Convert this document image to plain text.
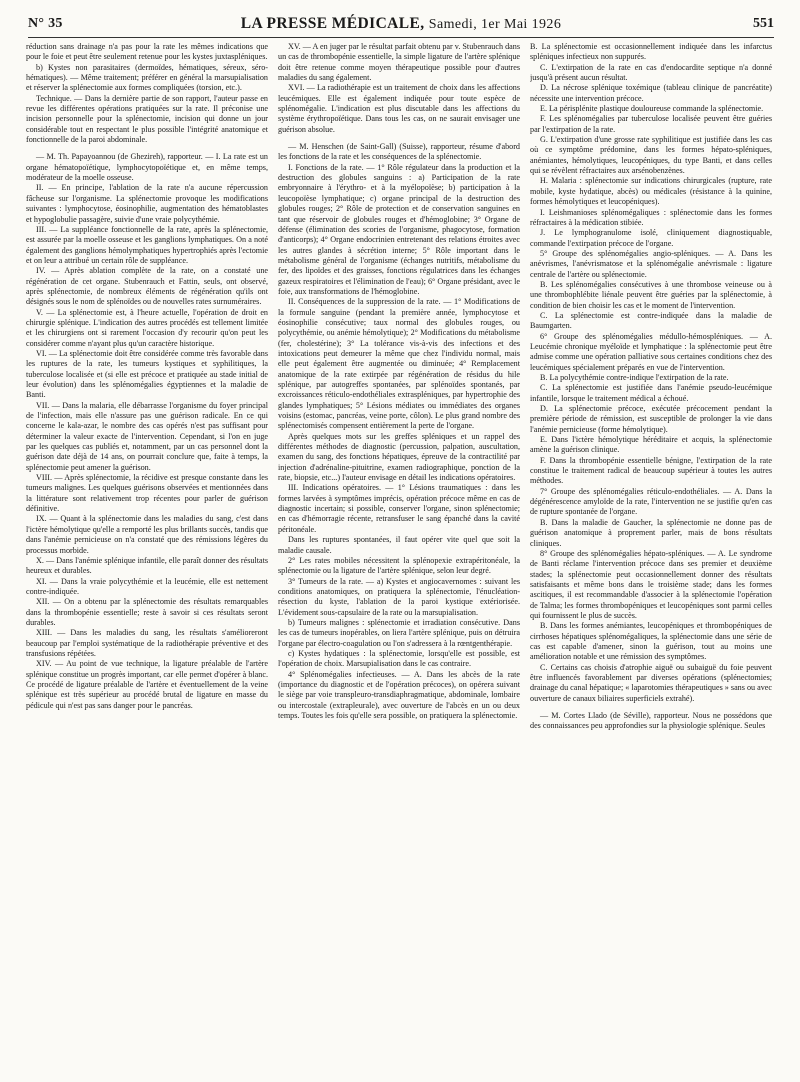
N° 35	LA PRESSE MÉDICALE, Samedi, 1er Mai 1926	551

réduction sans drainage n'a pas pour la rate les mêmes indications que pour le foie et peut être seulement retenue pour les kystes juxtaspléniques.

b) Kystes non parasitaires (dermoïdes, hématiques, séreux, séro-hématiques). — Même traitement; préférer en général la marsupialisation et réserver la splénectomie aux formes compliquées (torsion, etc.).

Technique. — Dans la dernière partie de son rapport, l'auteur passe en revue les différentes opérations pratiquées sur la rate. Il préconise une incision personnelle pour la splénectomie, incision qui donne un jour considérable tout en respectant le plus possible l'intégrité anatomique et fonctionnelle de la paroi abdominale.

— M. Th. Papayoannou (de Ghezireh), rapporteur. — I. La rate est un organe hématopoïétique, lymphocytopoïétique et, en même temps, modérateur de la moelle osseuse.

II. — En principe, l'ablation de la rate n'a aucune répercussion fâcheuse sur l'organisme. La splénectomie provoque les modifications suivantes : lymphocytose, éosinophilie, augmentation des hématoblastes et hypoglobulie passagère, suivie d'une vraie polycythémie.

III. — La suppléance fonctionnelle de la rate, après la splénectomie, est assurée par la moelle osseuse et les ganglions lymphatiques. On a noté également des ganglions hémolymphatiques hypertrophiés après l'ectomie et on leur a attribué un certain rôle de suppléance.

IV. — Après ablation complète de la rate, on a constaté une régénération de cet organe. Stubenrauch et Fattin, seuls, ont observé, après splénectomie, de nombreux éléments de régénération qu'ils ont désignés sous le nom de splénoïdes ou de nouvelles rates surnuméraires.

V. — La splénectomie est, à l'heure actuelle, l'opération de droit en chirurgie splénique. L'indication des autres procédés est tellement limitée et les chirurgiens ont si rarement l'occasion d'y recourir qu'on peut les considérer comme n'ayant plus qu'un caractère historique.

VI. — La splénectomie doit être considérée comme très favorable dans les ruptures de la rate, les tumeurs kystiques et syphilitiques, la tuberculose localisée et (si elle est précoce et pratiquée au stade initial de leur évolution) dans les splénomégalies égyptiennes et la maladie de Banti.

VII. — Dans la malaria, elle débarrasse l'organisme du foyer principal de l'infection, mais elle n'assure pas une guérison radicale. En ce qui concerne le kala-azar, le nombre des cas opérés n'est pas suffisant pour déterminer la valeur exacte de l'intervention. Cependant, si l'on en juge par les quelques cas publiés et, notamment, par un cas personnel dont la guérison date déjà de 14 ans, on pourrait conclure que, faite à temps, la splénectomie peut amener la guérison.

VIII. — Après splénectomie, la récidive est presque constante dans les tumeurs malignes. Les quelques guérisons observées et mentionnées dans la littérature sont relativement trop récentes pour parler de guérison définitive.

IX. — Quant à la splénectomie dans les maladies du sang, c'est dans l'ictère hémolytique qu'elle a remporté les plus brillants succès, tandis que dans l'anémie pernicieuse on n'a constaté que des rémissions légères du processus morbide.

X. — Dans l'anémie splénique infantile, elle paraît donner des résultats heureux et durables.

XI. — Dans la vraie polycythémie et la leucémie, elle est nettement contre-indiquée.

XII. — On a obtenu par la splénectomie des résultats remarquables dans la thrombopénie essentielle; reste à savoir si ces résultats seront durables.

XIII. — Dans les maladies du sang, les résultats s'amélioreront beaucoup par l'emploi systématique de la radiothérapie préventive et des transfusions répétées.

XIV. — Au point de vue technique, la ligature préalable de l'artère splénique constitue un progrès important, car elle permet d'opérer à blanc. Ce procédé de ligature préalable de l'artère et éventuellement de la veine splénique est très supérieur au procédé brutal de ligature en masse du pédicule qui n'est pas sans danger pour le pancréas.

XV. — A en juger par le résultat parfait obtenu par v. Stubenrauch dans un cas de thrombopénie essentielle, la simple ligature de l'artère splénique doit être retenue comme moyen thérapeutique possible pour d'autres maladies du sang également.

XVI. — La radiothérapie est un traitement de choix dans les affections leucémiques. Elle est également indiquée pour toute espèce de splénomégalie. L'indication est plus discutable dans les affections du système érythropoïétique. Dans tous les cas, on ne saurait envisager une guérison absolue.

— M. Henschen (de Saint-Gall) (Suisse), rapporteur, résume d'abord les fonctions de la rate et les conséquences de la splénectomie.

I. Fonctions de la rate. — 1° Rôle régulateur dans la production et la destruction des globules sanguins : a) Participation de la rate embryonnaire à l'érythro- et à la myélopoïèse; b) participation à la leucopoïèse lymphatique; c) organe principal de la destruction des globules rouges; 2° Rôle de protection et de conservation sanguines en tant que réservoir de globules rouges et d'hémoglobine; 3° Organe de défense (élimination des scories de l'organisme, phagocytose, formation d'anticorps); 4° Organe endocrinien entretenant des relations étroites avec les autres glandes à sécrétion interne; 5° Rôle important dans le métabolisme général de l'organisme (échanges nutritifs, métabolisme du fer, des lipoïdes et des graisses, fonctions régulatrices dans les échanges gazeux respiratoires et l'élimination de l'eau); 6° Organe présidant, avec le foie, aux transformations de l'hémoglobine.

II. Conséquences de la suppression de la rate. — 1° Modifications de la formule sanguine (pendant la première année, lymphocytose et éosinophilie consécutive; taux normal des globules rouges, ou polycythémie, ou anémie hémolytique); 2° Modifications du métabolisme (fer, cholestérine); 3° La tolérance vis-à-vis des infections et des intoxications peut demeurer la même que chez l'individu normal, mais elle peut également être augmentée ou diminuée; 4° Remplacement anatomique de la rate extirpée par régénération de résidus du hile splénique, par autogreffes spontanées, par splénoïdes spontanés, par excroissances réticulo-endothéliales extraspléniques, par hypertrophie des glandes lymphatiques; 5° Lésions médiates ou immédiates des organes voisins (estomac, pancréas, veine porte, côlon). Le plus grand nombre des splénectomisés compensent entièrement la perte de l'organe.

Après quelques mots sur les greffes spléniques et un rappel des différentes méthodes de diagnostic (percussion, palpation, auscultation, examen du sang, des fonctions hépatiques, épreuve de la contractilité par injection d'adrénaline-pituitrine, examen radiographique, ponction de la rate, biopsie, etc...) l'auteur envisage en détail les indications opératoires.

III. Indications opératoires. — 1° Lésions traumatiques : dans les formes larvées à symptômes imprécis, opération précoce même en cas de diagnostic incertain; si possible, conserver l'organe, sinon splénectomie; en cas d'hémorragie récente, retransfuser le sang épanché dans la cavité péritonéale.

Dans les ruptures spontanées, il faut opérer vite quel que soit la maladie causale.

2° Les rates mobiles nécessitent la splénopexie extrapéritonéale, la splénectomie ou la ligature de l'artère splénique, selon leur degré.

3° Tumeurs de la rate. — a) Kystes et angiocavernomes : suivant les conditions anatomiques, on pratiquera la splénectomie, l'énucléation-résection du kyste, l'ablation de la paroi kystique extériorisée. L'évidement sous-capsulaire de la rate ou la marsupialisation.

b) Tumeurs malignes : splénectomie et irradiation consécutive. Dans les cas de tumeurs inopérables, on liera l'artère splénique, puis on détruira l'organe par électro-coagulation ou l'on s'adressera à la rœntgenthérapie.

c) Kystes hydatiques : la splénectomie, lorsqu'elle est possible, est l'opération de choix. Marsupialisation dans le cas contraire.

4° Splénomégalies infectieuses. — A. Dans les abcès de la rate (importance du diagnostic et de l'opération précoces), on opérera suivant le siège par voie transpleuro-transdiaphragmatique, abdominale, lombaire ou intercostale (extrapleurale), avec ouverture de l'abcès en un ou deux temps. Toutes les fois qu'elle sera possible, on pratiquera la splénectomie.

B. La splénectomie est occasionnellement indiquée dans les infarctus spléniques infectieux non suppurés.

C. L'extirpation de la rate en cas d'endocardite septique n'a donné jusqu'à présent aucun résultat.

D. La nécrose splénique toxémique (tableau clinique de pancréatite) nécessite une intervention précoce.

E. La périsplénite plastique douloureuse commande la splénectomie.

F. Les splénomégalies par tuberculose localisée peuvent être guéries par l'extirpation de la rate.

G. L'extirpation d'une grosse rate syphilitique est justifiée dans les cas où ce symptôme prédomine, dans les formes hépato-spléniques, anémiantes, hémolytiques, leucopéniques, du type Banti, et dans celles qui se révèlent réfractaires aux arsénobenzènes.

H. Malaria : splénectomie sur indications chirurgicales (rupture, rate mobile, kyste hydatique, abcès) ou médicales (résistance à la quinine, formes hémolytiques et leucopéniques).

I. Leishmanioses splénomégaliques : splénectomie dans les formes réfractaires à la médication stibiée.

J. Le lymphogranulome isolé, cliniquement diagnostiquable, commande l'extirpation précoce de l'organe.

5° Groupe des splénomégalies angio-spléniques. — A. Dans les anévrismes, l'anévrismatose et la splénomégalie anévrismale : ligature centrale de l'artère ou splénectomie.

B. Les splénomégalies consécutives à une thrombose veineuse ou à une thrombophlébite liénale peuvent être guéries par la splénectomie, à condition de bien choisir les cas et le moment de l'intervention.

C. La splénectomie est contre-indiquée dans la maladie de Baumgarten.

6° Groupe des splénomégalies médullo-hémospléniques. — A. Leucémie chronique myéloïde et lymphatique : la splénectomie peut être admise comme une opération palliative sous certaines conditions chez des leucémiques spécialement préparés en vue de l'intervention.

B. La polycythémie contre-indique l'extirpation de la rate.

C. La splénectomie est justifiée dans l'anémie pseudo-leucémique infantile, lorsque le traitement médical a échoué.

D. La splénectomie précoce, exécutée précocement pendant la première période de rémission, est susceptible de prolonger la vie dans l'anémie pernicieuse (forme hémolytique).

E. Dans l'ictère hémolytique héréditaire et acquis, la splénectomie amène la guérison clinique.

F. Dans la thrombopénie essentielle bénigne, l'extirpation de la rate constitue le traitement radical de beaucoup supérieur à toutes les autres méthodes.

7° Groupe des splénomégalies réticulo-endothéliales. — A. Dans la dégénérescence amyloïde de la rate, l'intervention ne se justifie qu'en cas de rupture spontanée de l'organe.

B. Dans la maladie de Gaucher, la splénectomie ne donne pas de guérison anatomique à proprement parler, mais de bons résultats cliniques.

8° Groupe des splénomégalies hépato-spléniques. — A. Le syndrome de Banti réclame l'intervention précoce dans ses premier et deuxième stades; la splénectomie peut occasionnellement donner des résultats satisfaisants et même bons dans le troisième stade; dans les formes ascitiques, il est recommandable d'associer à la splénectomie l'opération de Talma; les formes thrombopéniques et leucopéniques sont parmi celles qui fournissent le plus de succès.

B. Dans les formes anémiantes, leucopéniques et thrombopéniques de cirrhoses hépatiques splénomégaliques, la splénectomie dans une série de cas est capable d'amener, sinon la guérison, tout au moins une amélioration notable et une rémission des symptômes.

C. Certains cas choisis d'atrophie aiguë ou subaiguë du foie peuvent être influencés favorablement par diverses opérations (splénectomies; drainage du canal hépatique; « laparotomies thérapeutiques » sans ou avec ouverture de canaux biliaires superficiels extrahé).

— M. Cortes Llado (de Séville), rapporteur. Nous ne possédons que des connaissances peu approfondies sur la physiologie splénique. Seules
